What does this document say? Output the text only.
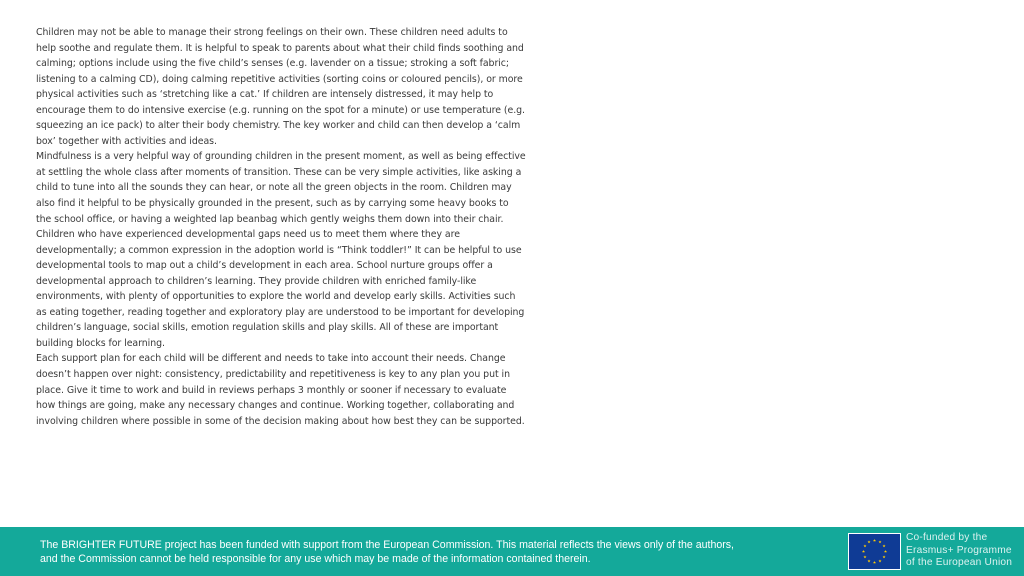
Children may not be able to manage their strong feelings on their own. These children need adults to help soothe and regulate them. It is helpful to speak to parents about what their child finds soothing and calming; options include using the five child’s senses (e.g. lavender on a tissue; stroking a soft fabric; listening to a calming CD), doing calming repetitive activities (sorting coins or coloured pencils), or more physical activities such as ‘stretching like a cat.’ If children are intensely distressed, it may help to encourage them to do intensive exercise (e.g. running on the spot for a minute) or use temperature (e.g. squeezing an ice pack) to alter their body chemistry. The key worker and child can then develop a ‘calm box’ together with activities and ideas.

Mindfulness is a very helpful way of grounding children in the present moment, as well as being effective at settling the whole class after moments of transition. These can be very simple activities, like asking a child to tune into all the sounds they can hear, or note all the green objects in the room. Children may also find it helpful to be physically grounded in the present, such as by carrying some heavy books to the school office, or having a weighted lap beanbag which gently weighs them down into their chair.

Children who have experienced developmental gaps need us to meet them where they are developmentally; a common expression in the adoption world is “Think toddler!” It can be helpful to use developmental tools to map out a child’s development in each area. School nurture groups offer a developmental approach to children’s learning. They provide children with enriched family-like environments, with plenty of opportunities to explore the world and develop early skills. Activities such as eating together, reading together and exploratory play are understood to be important for developing children’s language, social skills, emotion regulation skills and play skills. All of these are important building blocks for learning.

Each support plan for each child will be different and needs to take into account their needs. Change doesn’t happen over night: consistency, predictability and repetitiveness is key to any plan you put in place. Give it time to work and build in reviews perhaps 3 monthly or sooner if necessary to evaluate how things are going, make any necessary changes and continue. Working together, collaborating and involving children where possible in some of the decision making about how best they can be supported.

The BRIGHTER FUTURE project has been funded with support from the European Commission. This material reflects the views only of the authors,
and the Commission cannot be held responsible for any use which may be made of the information contained therein.
Co-funded by the
Erasmus+ Programme
of the European Union
